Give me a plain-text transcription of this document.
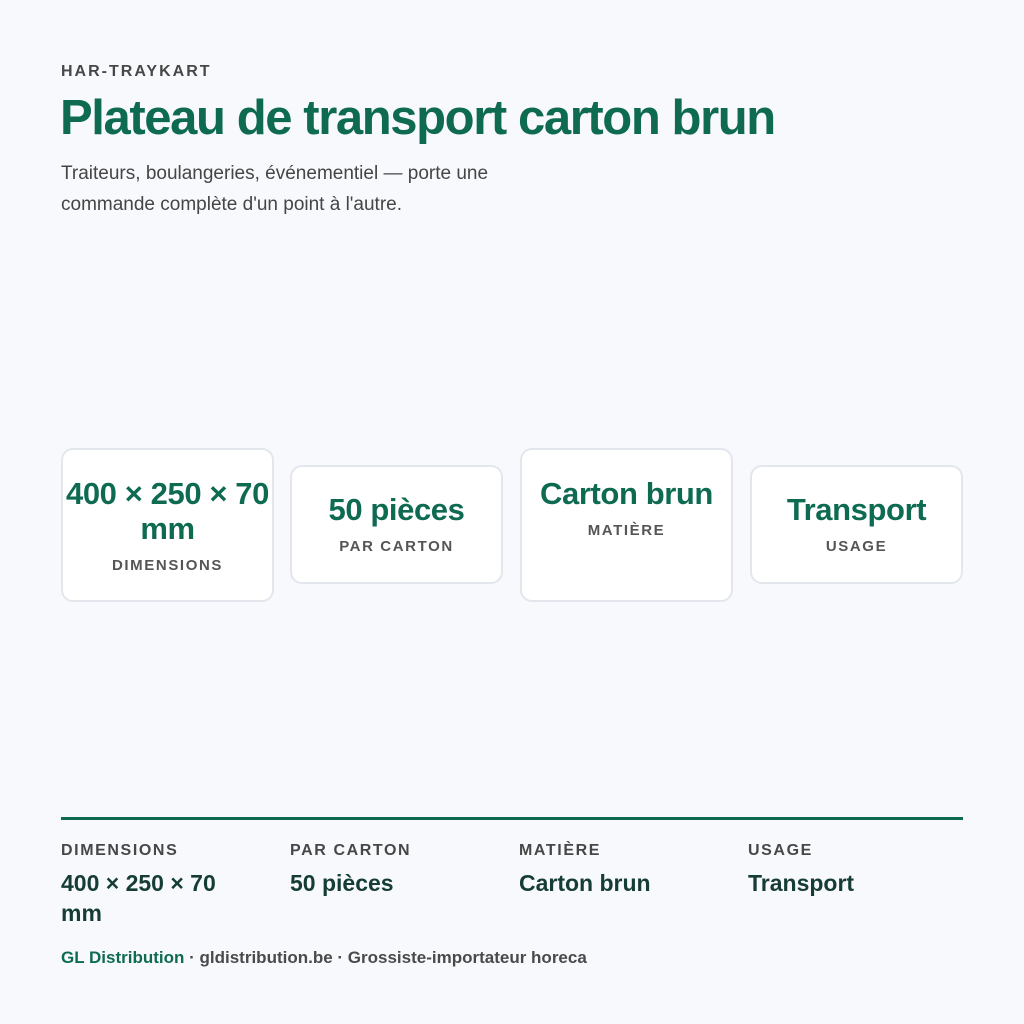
HAR-TRAYKART
Plateau de transport carton brun

Traiteurs, boulangeries, événementiel — porte une commande complète d'un point à l'autre.

400 × 250 × 70 mm
DIMENSIONS
50 pièces
PAR CARTON
Carton brun
MATIÈRE
Transport
USAGE
DIMENSIONS
400 × 250 × 70 mm
PAR CARTON
50 pièces
MATIÈRE
Carton brun
USAGE
Transport
GL Distribution · gldistribution.be · Grossiste-importateur horeca
